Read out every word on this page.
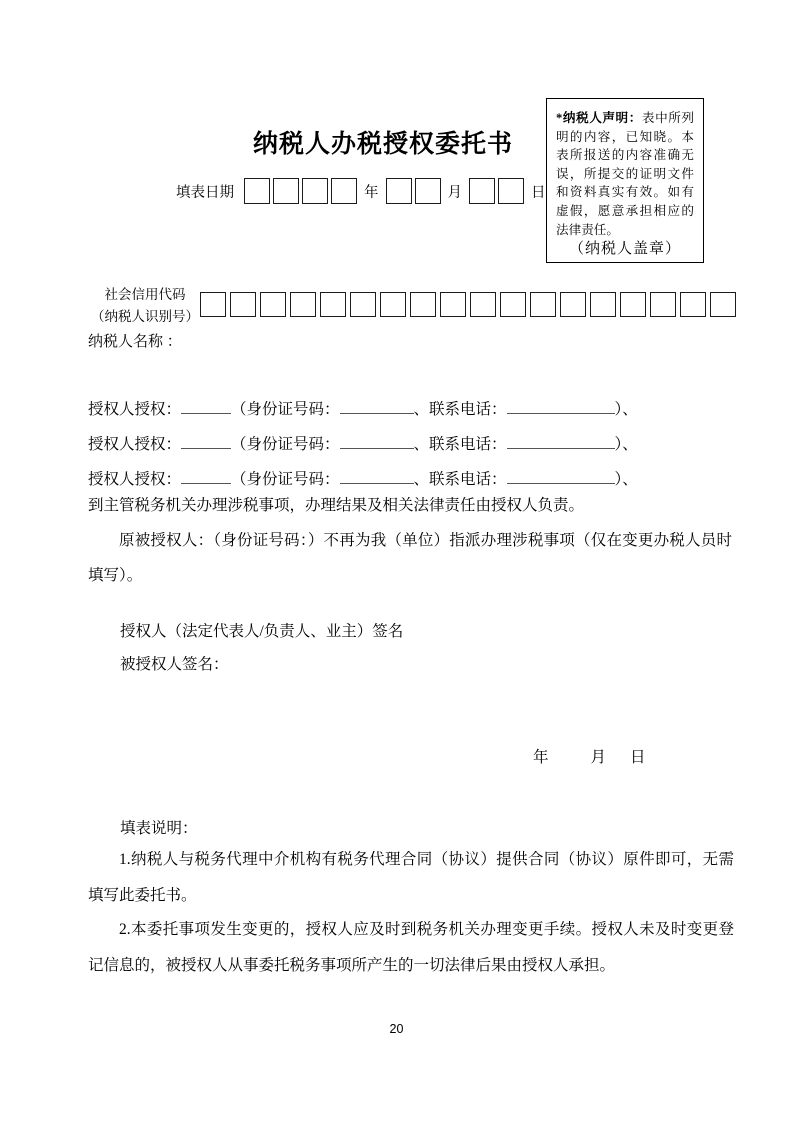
纳税人办税授权委托书
填表日期	年	月	日
*纳税人声明：表中所列明的内容，已知晓。本表所报送的内容准确无误，所提交的证明文件和资料真实有效。如有虚假，愿意承担相应的法律责任。
（纳税人盖章）
社会信用代码
（纳税人识别号）
纳税人名称 ：
授权人授权：	（身份证号码：	、联系电话：	）、
授权人授权：	（身份证号码：	、联系电话：	）、
授权人授权：	（身份证号码：	、联系电话：	）、
到主管税务机关办理涉税事项，办理结果及相关法律责任由授权人负责。
原被授权人：（身份证号码：）不再为我（单位）指派办理涉税事项（仅在变更办税人员时填写）。
授权人（法定代表人/负责人、业主）签名
被授权人签名：
年	月 日
填表说明：
1.纳税人与税务代理中介机构有税务代理合同（协议）提供合同（协议）原件即可，无需填写此委托书。
2.本委托事项发生变更的，授权人应及时到税务机关办理变更手续。授权人未及时变更登记信息的，被授权人从事委托税务事项所产生的一切法律后果由授权人承担。
20
